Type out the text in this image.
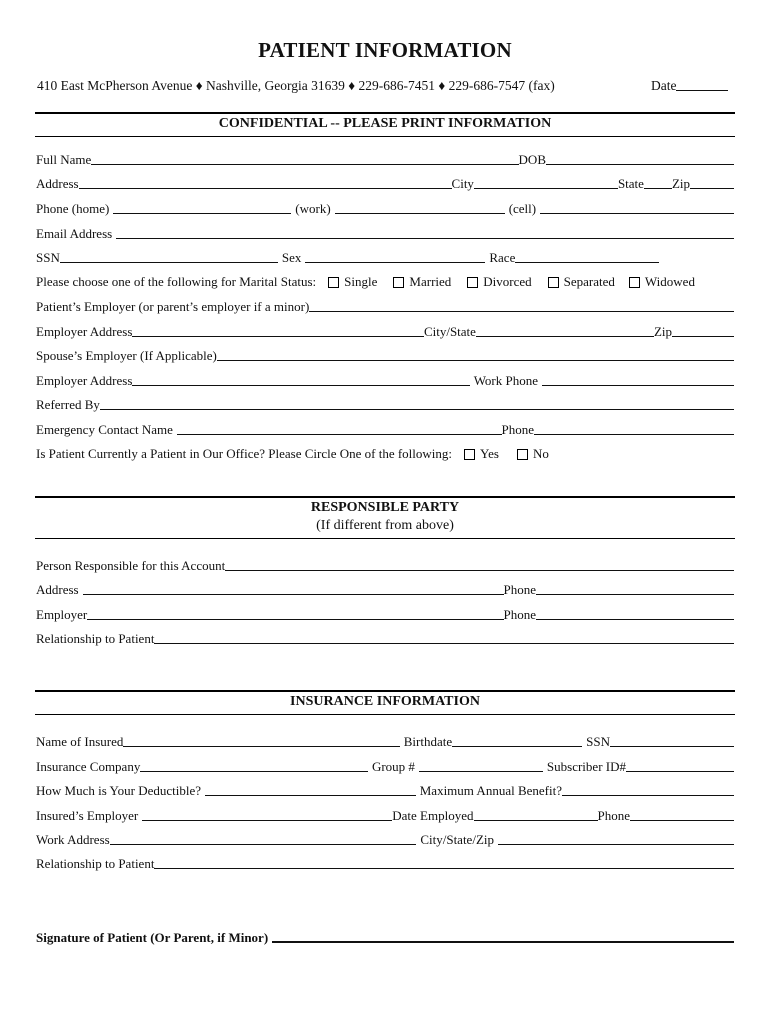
PATIENT INFORMATION
410 East McPherson Avenue ♦ Nashville, Georgia 31639 ♦ 229-686-7451 ♦ 229-686-7547 (fax)	Date
CONFIDENTIAL -- PLEASE PRINT INFORMATION
Full Name	DOB
Address	City	State Zip
Phone (home)	(work)	(cell)
Email Address
SSN	Sex	Race
Please choose one of the following for Marital Status: Single Married Divorced Separated Widowed
Patient’s Employer (or parent’s employer if a minor)
Employer Address	City/State	Zip
Spouse’s Employer (If Applicable)
Employer Address	Work Phone
Referred By
Emergency Contact Name	Phone
Is Patient Currently a Patient in Our Office? Please Circle One of the following: Yes	No
RESPONSIBLE PARTY
(If different from above)
Person Responsible for this Account
Address	Phone
Employer	Phone
Relationship to Patient
INSURANCE INFORMATION
Name of Insured	Birthdate	SSN
Insurance Company	Group #	Subscriber ID#
How Much is Your Deductible?	Maximum Annual Benefit?
Insured’s Employer	Date Employed	Phone
Work Address	City/State/Zip
Relationship to Patient
Signature of Patient (Or Parent, if Minor)
